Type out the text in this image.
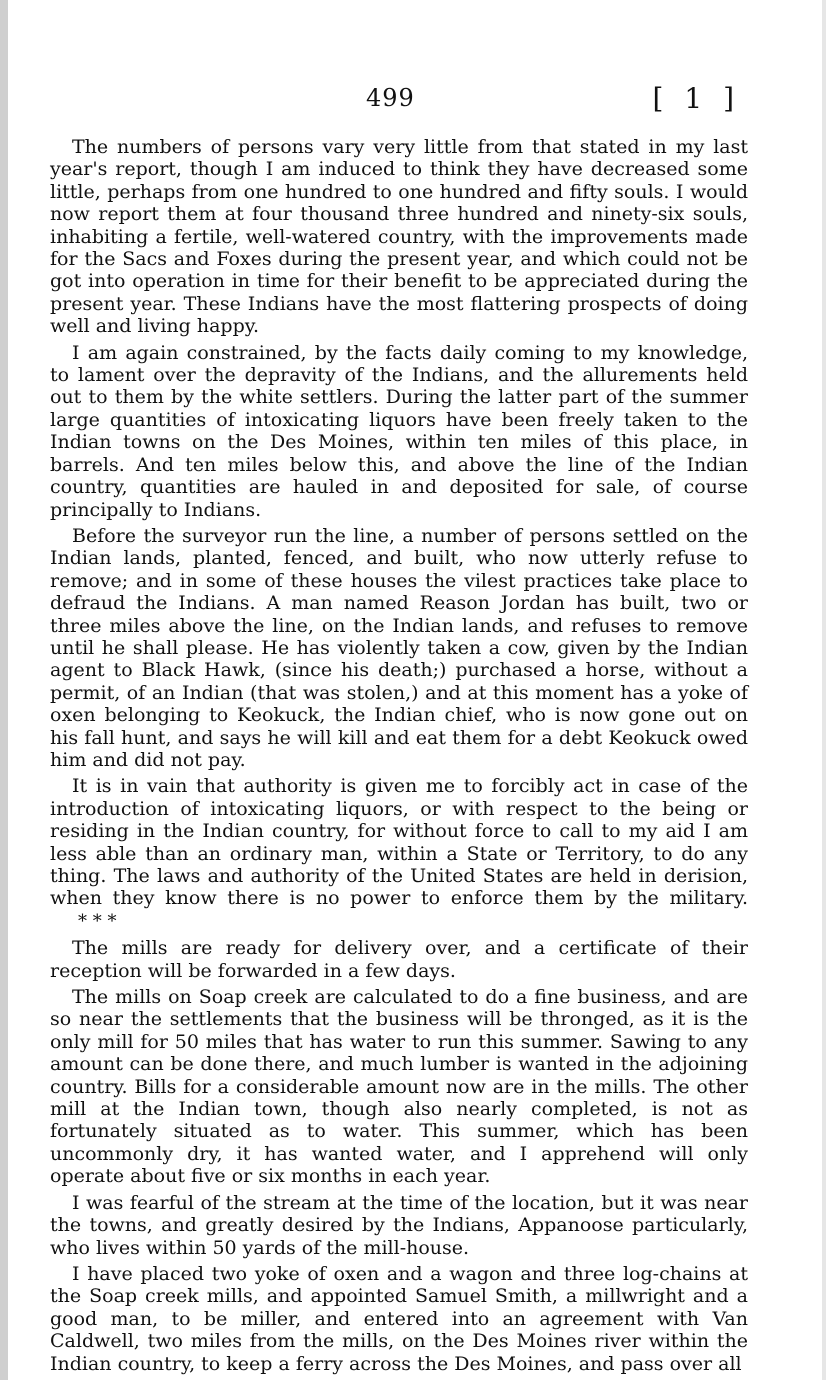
499	[ 1 ]

The numbers of persons vary very little from that stated in my last year's report, though I am induced to think they have decreased some little, perhaps from one hundred to one hundred and fifty souls. I would now report them at four thousand three hundred and ninety-six souls, inhabiting a fertile, well-watered country, with the improvements made for the Sacs and Foxes during the present year, and which could not be got into operation in time for their benefit to be appreciated during the present year. These Indians have the most flattering prospects of doing well and living happy.

I am again constrained, by the facts daily coming to my knowledge, to lament over the depravity of the Indians, and the allurements held out to them by the white settlers. During the latter part of the summer large quantities of intoxicating liquors have been freely taken to the Indian towns on the Des Moines, within ten miles of this place, in barrels. And ten miles below this, and above the line of the Indian country, quantities are hauled in and deposited for sale, of course principally to Indians.

Before the surveyor run the line, a number of persons settled on the Indian lands, planted, fenced, and built, who now utterly refuse to remove; and in some of these houses the vilest practices take place to defraud the Indians. A man named Reason Jordan has built, two or three miles above the line, on the Indian lands, and refuses to remove until he shall please. He has violently taken a cow, given by the Indian agent to Black Hawk, (since his death;) purchased a horse, without a permit, of an Indian (that was stolen,) and at this moment has a yoke of oxen belonging to Keokuck, the Indian chief, who is now gone out on his fall hunt, and says he will kill and eat them for a debt Keokuck owed him and did not pay.

It is in vain that authority is given me to forcibly act in case of the introduction of intoxicating liquors, or with respect to the being or residing in the Indian country, for without force to call to my aid I am less able than an ordinary man, within a State or Territory, to do any thing. The laws and authority of the United States are held in derision, when they know there is no power to enforce them by the military.* * *

The mills are ready for delivery over, and a certificate of their reception will be forwarded in a few days.

The mills on Soap creek are calculated to do a fine business, and are so near the settlements that the business will be thronged, as it is the only mill for 50 miles that has water to run this summer. Sawing to any amount can be done there, and much lumber is wanted in the adjoining country. Bills for a considerable amount now are in the mills. The other mill at the Indian town, though also nearly completed, is not as fortunately situated as to water. This summer, which has been uncommonly dry, it has wanted water, and I apprehend will only operate about five or six months in each year.

I was fearful of the stream at the time of the location, but it was near the towns, and greatly desired by the Indians, Appanoose particularly, who lives within 50 yards of the mill-house.

I have placed two yoke of oxen and a wagon and three log-chains at the Soap creek mills, and appointed Samuel Smith, a millwright and a good man, to be miller, and entered into an agreement with Van Caldwell, two miles from the mills, on the Des Moines river within the Indian country, to keep a ferry across the Des Moines, and pass over all
